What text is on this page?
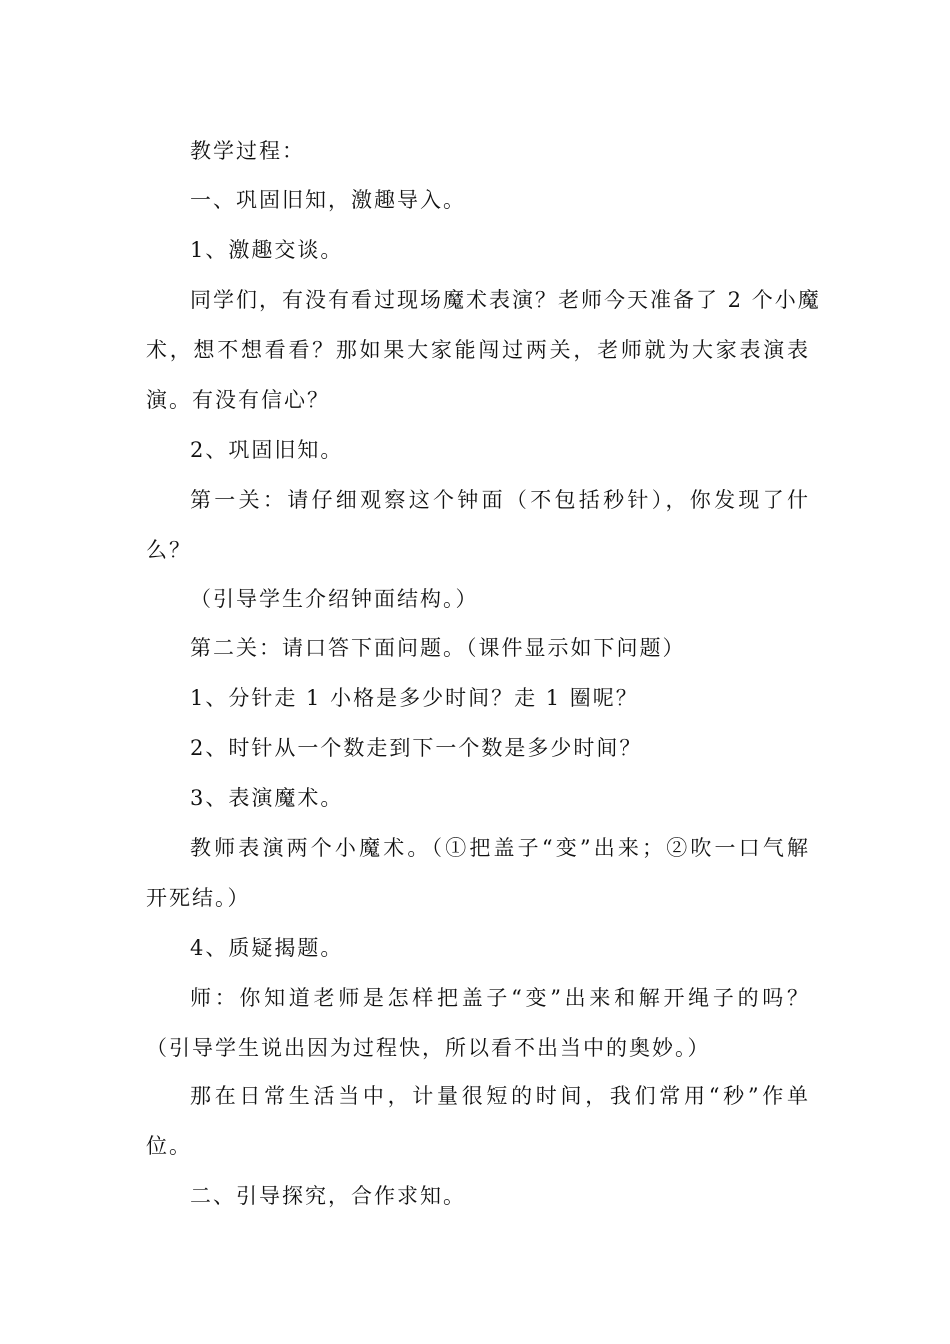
教学过程：
一、巩固旧知，激趣导入。
1、激趣交谈。
同学们，有没有看过现场魔术表演？老师今天准备了 2 个小魔
术，想不想看看？那如果大家能闯过两关，老师就为大家表演表
演。有没有信心？
2、巩固旧知。
第一关：请仔细观察这个钟面（不包括秒针），你发现了什
么？
（引导学生介绍钟面结构。）
第二关：请口答下面问题。（课件显示如下问题）
1、分针走 1 小格是多少时间？走 1 圈呢？
2、时针从一个数走到下一个数是多少时间？
3、表演魔术。
教师表演两个小魔术。（①把盖子“变”出来；②吹一口气解
开死结。）
4、质疑揭题。
师：你知道老师是怎样把盖子“变”出来和解开绳子的吗？
（引导学生说出因为过程快，所以看不出当中的奥妙。）
那在日常生活当中，计量很短的时间，我们常用“秒”作单
位。
二、引导探究，合作求知。
